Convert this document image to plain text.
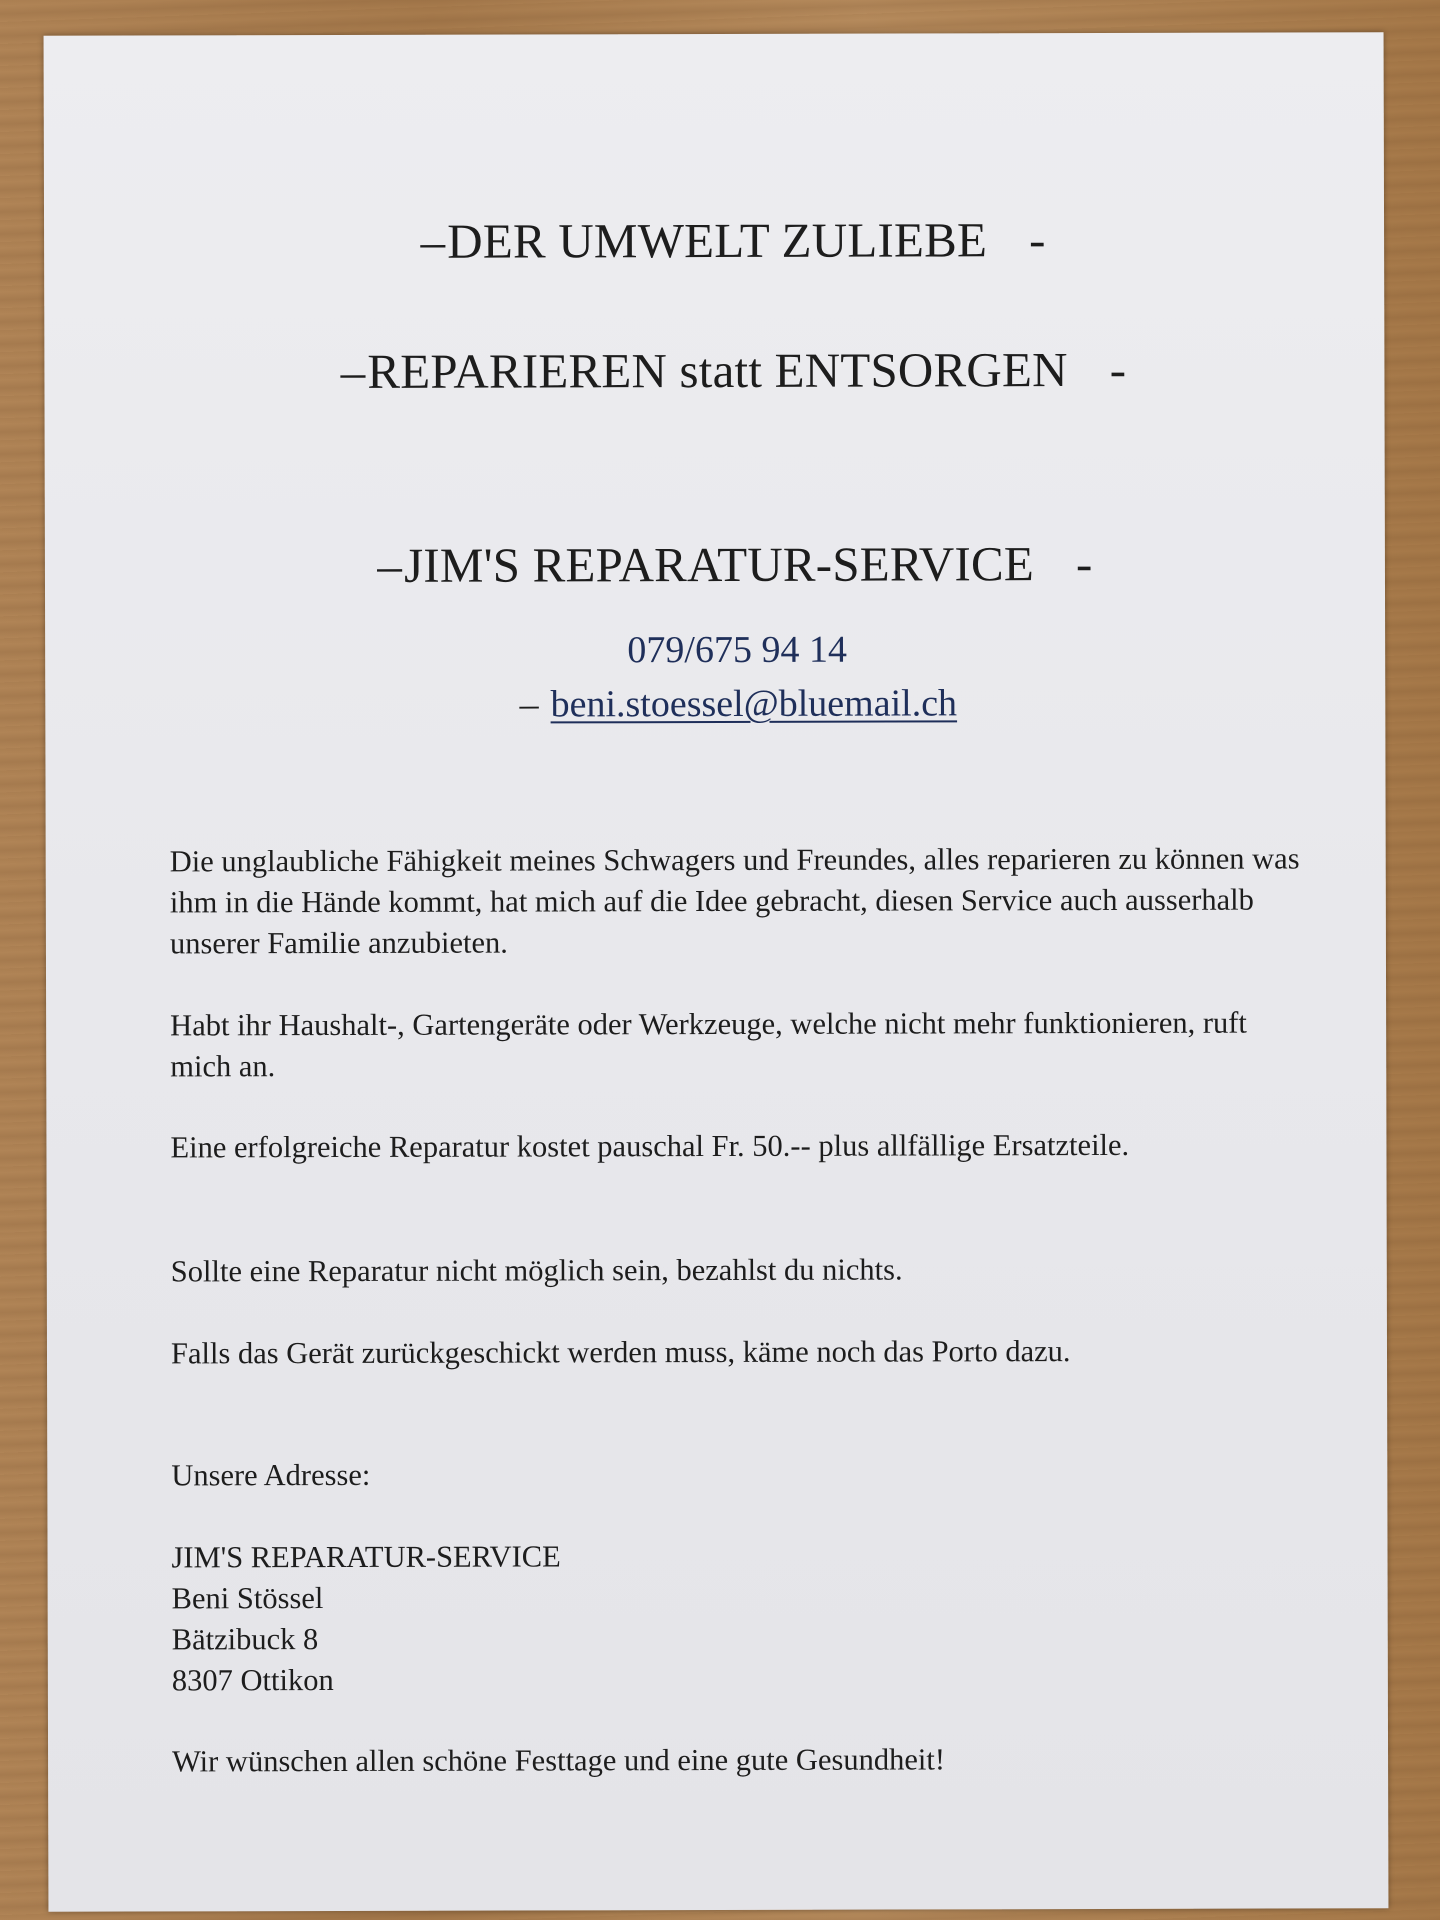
–DER UMWELT ZULIEBE -
–REPARIEREN statt ENTSORGEN -
–JIM'S REPARATUR-SERVICE -
079/675 94 14
– beni.stoessel@bluemail.ch

Die unglaubliche Fähigkeit meines Schwagers und Freundes, alles reparieren zu können was ihm in die Hände kommt, hat mich auf die Idee gebracht, diesen Service auch ausserhalb unserer Familie anzubieten.

Habt ihr Haushalt-, Gartengeräte oder Werkzeuge, welche nicht mehr funktionieren, ruft mich an.

Eine erfolgreiche Reparatur kostet pauschal Fr. 50.-- plus allfällige Ersatzteile.

Sollte eine Reparatur nicht möglich sein, bezahlst du nichts.

Falls das Gerät zurückgeschickt werden muss, käme noch das Porto dazu.

Unsere Adresse:

JIM'S REPARATUR-SERVICE
Beni Stössel
Bätzibuck 8
8307 Ottikon

Wir wünschen allen schöne Festtage und eine gute Gesundheit!
